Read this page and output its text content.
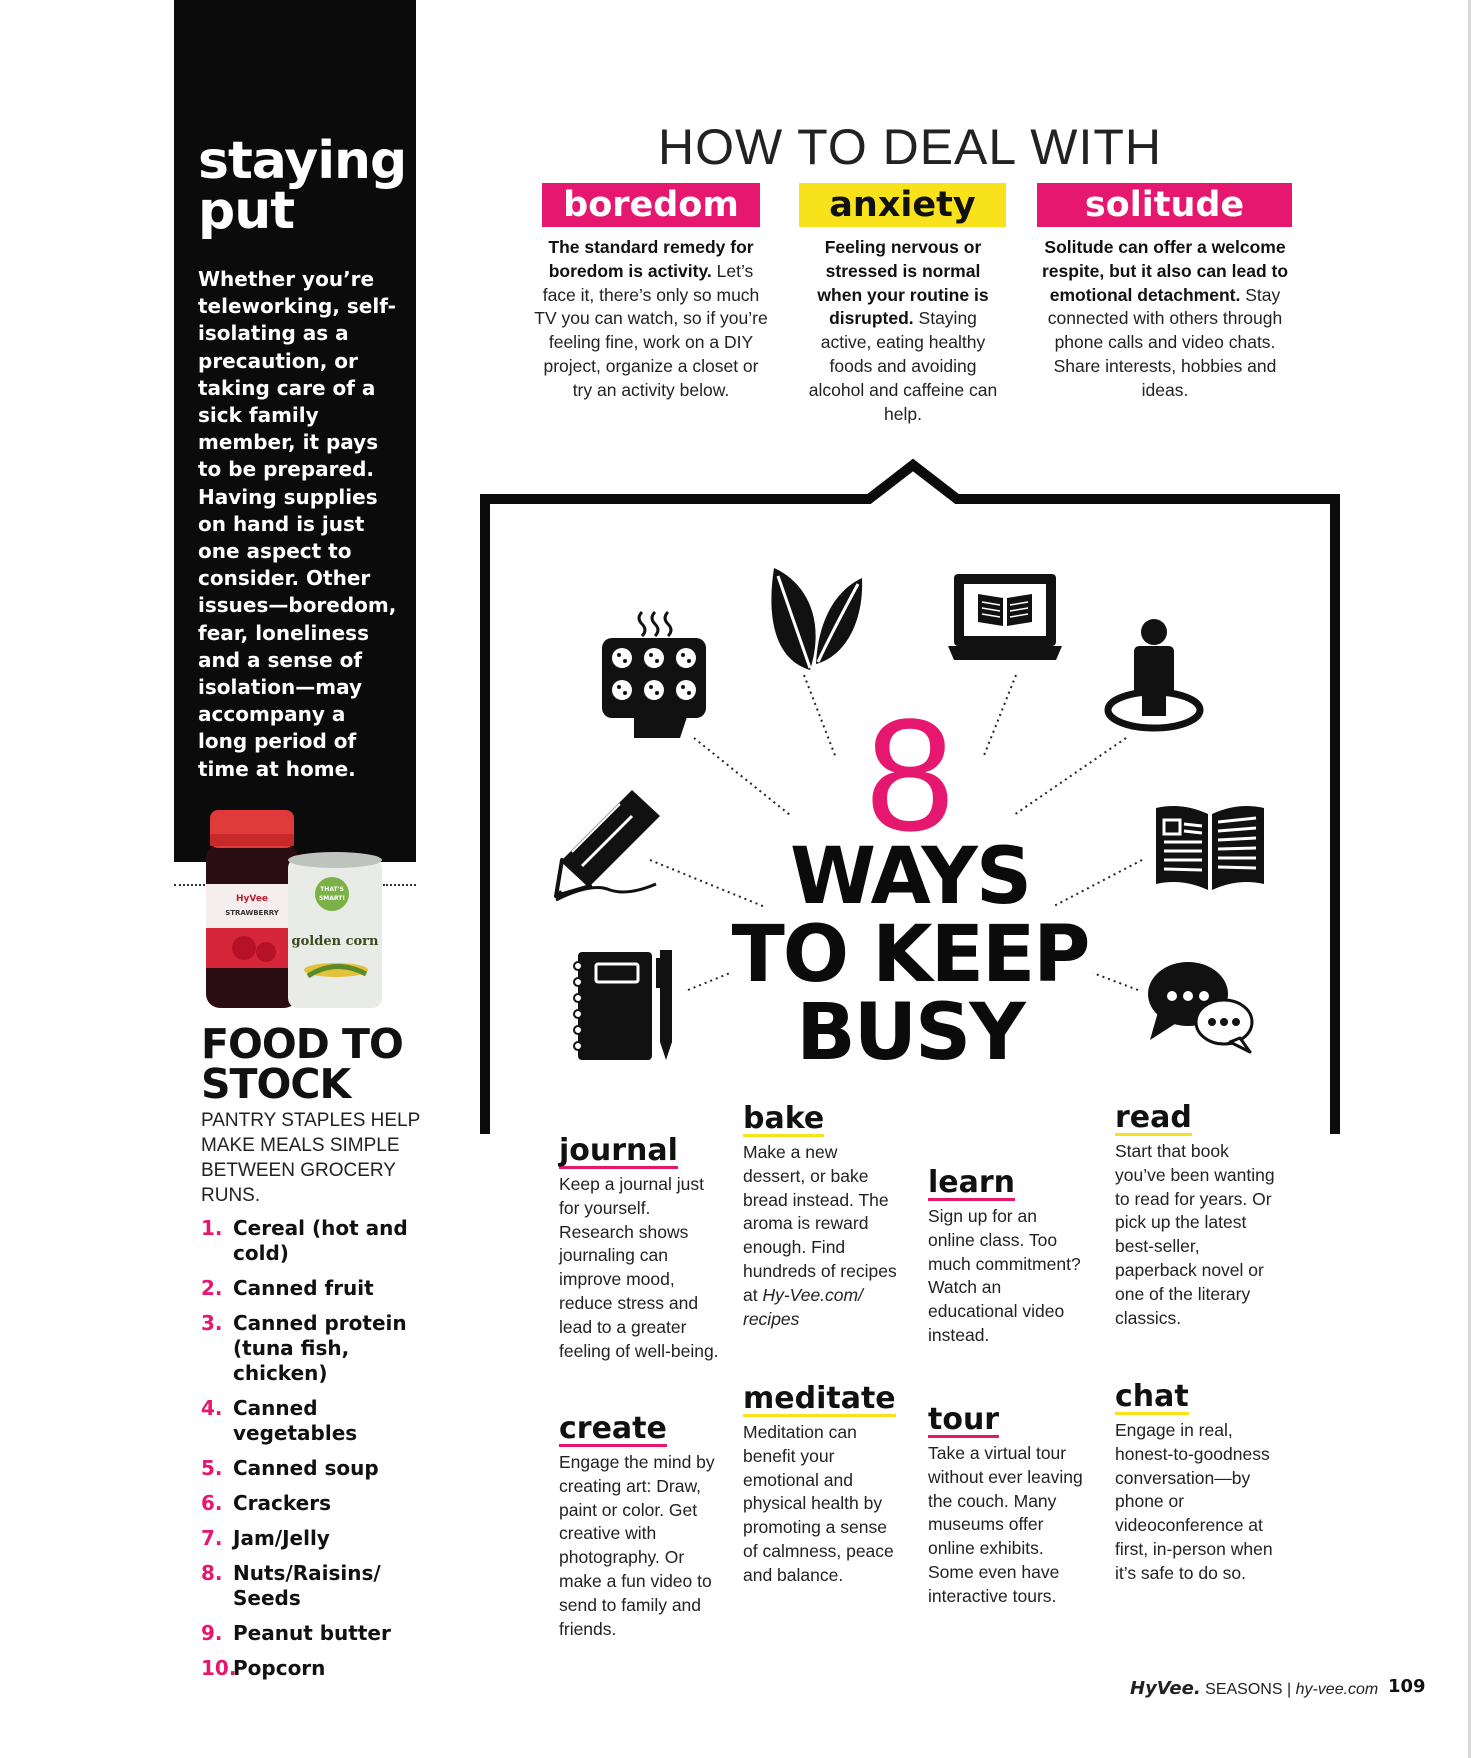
staying put
Whether you’re teleworking, self-isolating as a precaution, or taking care of a sick family member, it pays to be prepared. Having supplies on hand is just one aspect to consider. Other issues—boredom, fear, loneliness and a sense of isolation—may accompany a long period of time at home.
HyVee
STRAWBERRY
THAT'S
SMART!
golden corn
FOOD TO STOCK
PANTRY STAPLES HELP MAKE MEALS SIMPLE BETWEEN GROCERY RUNS.
1. Cereal (hot and cold)
2. Canned fruit
3. Canned protein (tuna fish, chicken)
4. Canned vegetables
5. Canned soup
6. Crackers
7. Jam/Jelly
8. Nuts/Raisins/ Seeds
9. Peanut butter
10.
Popcorn
HOW TO DEAL WITH
boredom	anxiety	solitude
The standard remedy for boredom is activity. Let’s face it, there’s only so much TV you can watch, so if you’re feeling fine, work on a DIY project, organize a closet or try an activity below.
Feeling nervous or stressed is normal when your routine is disrupted. Staying active, eating healthy foods and avoiding alcohol and caffeine can help.
Solitude can offer a welcome respite, but it also can lead to emotional detachment. Stay connected with others through phone calls and video chats. Share interests, hobbies and ideas.
8
WAYS
TO KEEP
BUSY
journal
Keep a journal just for yourself. Research shows journaling can improve mood, reduce stress and lead to a greater feeling of well-being.
create
Engage the mind by creating art: Draw, paint or color. Get creative with photography. Or make a fun video to send to family and friends.
bake
Make a new dessert, or bake bread instead. The aroma is reward enough. Find hundreds of recipes at Hy-Vee.com/ recipes
meditate
Meditation can benefit your emotional and physical health by promoting a sense of calmness, peace and balance.
learn
Sign up for an online class. Too much commitment? Watch an educational video instead.
tour
Take a virtual tour without ever leaving the couch. Many museums offer online exhibits. Some even have interactive tours.
read
Start that book you’ve been wanting to read for years. Or pick up the latest best-seller, paperback novel or one of the literary classics.
chat
Engage in real, honest-to-goodness conversation—by phone or videoconference at first, in-person when it’s safe to do so.
HyVee. SEASONS | hy-vee.com 109
